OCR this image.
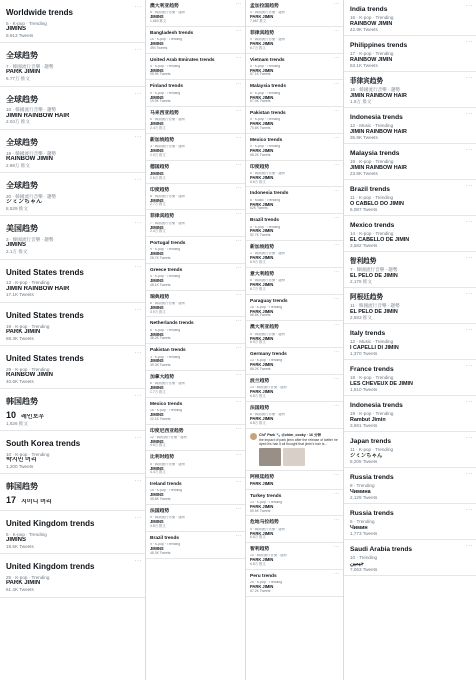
Worldwide trends
5 · K-pop · Trending
JIMINS
9,913 Tweets
···
全球趋势
7 · 韓國流行音樂 · 趨勢
PARK JIMIN
6.77万 推文
···
全球趋势
10 · 韓國流行音樂 · 趨勢
JIMIN RAINBOW HAIR
2.04万 推文
···
全球趋势
18 · 韓國流行音樂 · 趨勢
RAINBOW JIMIN
2.88万 推文
···
全球趋势
20 · 韓國流行音樂 · 趨勢
ジミンちゃん
8,529 推文
···
美国趋势
3 · 韓國流行音樂 · 趨勢
JIMINS
2.1万 推文
···
United States trends
13 · K-pop · Trending
JIMIN RAINBOW HAIR
17.1K Tweets
···
United States trends
19 · K-pop · Trending
PARK JIMIN
68.3K Tweets
···
United States trends
29 · K-pop · Trending
RAINBOW JIMIN
40.6K Tweets
···
韩国趋势
10 레인보우
1,626 推文
···
South Korea trends
10 · K-pop · Trending
박지민 머리
1,200 Tweets
···
韩国趋势
17 지미니 머리
···
United Kingdom trends
5 · K-pop · Trending
JIMINS
19.5K Tweets
···
United Kingdom trends
25 · K-pop · Trending
PARK JIMIN
61.4K Tweets
···
澳大利亚趋势
6 · 韓國流行音樂 · 趨勢
JIMINS
1,663 推文
···
Bangladesh trends
15 · K-pop · Trending
JIMINS
494 Tweets
···
United Arab Emirates trends
5 · K-pop · Trending
JIMINS
95.9K Tweets
···
Finland trends
9 · K-pop · Trending
JIMINS
19.9K Tweets
···
马来西亚趋势
6 · 韓國流行音樂 · 趨勢
JIMINS
2.4万 推文
···
新加坡趋势
3 · 韓國流行音樂 · 趨勢
JIMINS
2.0万 推文
···
德国趋势
JIMINS
2.5万 推文
···
印度趋势
8 · 韓國流行音樂 · 趨勢
JIMINS
2.7万 推文
···
菲律宾趋势
7 · 韓國流行音樂 · 趨勢
JIMINS
2.4万 推文
···
Portugal trends
9 · K-pop · Trending
JIMINS
28.7K Tweets
···
Greece trends
4 · K-pop · Trending
JIMINS
48.1K Tweets
···
瑞典趋势
6 · 韓國流行音樂 · 趨勢
JIMINS
3.9万 推文
···
Netherlands trends
8 · K-pop · Trending
JIMINS
38.2K Tweets
···
Pakistan trends
3 · K-pop · Trending
JIMINS
39.3K Tweets
···
加拿大趋势
6 · 韓國流行音樂 · 趨勢
JIMINS
1.7万 推文
···
Mexico trends
16 · K-pop · Trending
JIMINS
22.1K Tweets
···
印度尼西亚趋势
12 · 韓國流行音樂 · 趨勢
JIMINS
4.6万 推文
···
比利时趋势
5 · 韓國流行音樂 · 趨勢
JIMINS
4.4万 推文
···
Ireland trends
15 · K-pop · Trending
JIMINS
35.8K Tweets
···
法国趋势
9 · 韓國流行音樂 · 趨勢
JIMINS
4.8万 推文
···
Brazil trends
9 · K-pop · Trending
JIMINS
48.3K Tweets
···
孟加拉国趋势
3 · 韓國流行音樂 · 趨勢
PARK JIMIN
7,667 推文
···
菲律宾趋势
9 · 韓國流行音樂 · 趨勢
PARK JIMIN
6.7万 推文
···
Vietnam trends
5 · K-pop · Trending
PARK JIMIN
67.1K Tweets
···
Malaysia trends
8 · K-pop · Trending
PARK JIMIN
67.4K Tweets
···
Pakistan trends
5 · K-pop · Trending
PARK JIMIN
70.6K Tweets
···
Mexico trends
9 · K-pop · Trending
PARK JIMIN
68.2K Tweets
···
印度趋势
6 · 韓國流行音樂 · 趨勢
PARK JIMIN
6.6万 推文
···
Indonesia trends
8 · Music · Trending
PARK JIMIN
62K Tweets
···
Brazil trends
5 · K-pop · Trending
PARK JIMIN
92.7K Tweets
···
新加坡趋势
1 · 韓國流行音樂 · 趨勢
PARK JIMIN
6.9万 推文
···
意大利趋势
6 · 韓國流行音樂 · 趨勢
PARK JIMIN
6.7万 推文
···
Paraguay trends
18 · K-pop · Trending
PARK JIMIN
68.6K Tweets
···
澳大利亚趋势
5 · 韓國流行音樂 · 趨勢
PARK JIMIN
6.9万 推文
···
Germany trends
13 · K-pop · Trending
PARK JIMIN
68.2K Tweets
···
波兰趋势
13 · 韓國流行音樂 · 趨勢
PARK JIMIN
6.8万 推文
···
法国趋势
8 · 韓國流行音樂 · 趨勢
PARK JIMIN
6.8万 推文
···
Chi° Park 🐾 @chim_cooky · 16 分钟
the impact of park jimin after the release of twitter he dyed his hair it all thought that jimin's hair is...
阿根廷趋势
PARK JIMIN
···
Turkey trends
13 · K-pop · Trending
PARK JIMIN
69.5K Tweets
···
危地马拉趋势
9 · 韓國流行音樂 · 趨勢
PARK JIMIN
6.8万 推文
···
智利趋势
10 · 韓國流行音樂 · 趨勢
PARK JIMIN
6.8万 推文
···
Peru trends
25 · K-pop · Trending
PARK JIMIN
67.2K Tweets
···
India trends
16 · K-pop · Trending
RAINBOW JIMIN
42.8K Tweets
···
Philippines trends
17 · K-pop · Trending
RAINBOW JIMIN
53.1K Tweets
···
菲律宾趋势
15 · 韓國流行音樂 · 趨勢
JIMIN RAINBOW HAIR
1.9万 推文
···
Indonesia trends
12 · Music · Trending
JIMIN RAINBOW HAIR
35.9K Tweets
···
Malaysia trends
19 · K-pop · Trending
JIMIN RAINBOW HAIR
23.9K Tweets
···
Brazil trends
11 · K-pop · Trending
O CABELO DO JIMIN
6,087 Tweets
···
Mexico trends
14 · K-pop · Trending
EL CABELLO DE JIMIN
3,582 Tweets
···
智利趋势
7 · 韓國流行音樂 · 趨勢
EL PELO DE JIMIN
2,176 推文
···
阿根廷趋势
11 · 韓國流行音樂 · 趨勢
EL PELO DE JIMIN
2,583 推文
···
Italy trends
12 · Music · Trending
I CAPELLI DI JIMIN
1,370 Tweets
···
France trends
18 · K-pop · Trending
LES CHEVEUX DE JIMIN
1,510 Tweets
···
Indonesia trends
19 · K-pop · Trending
Rambut Jimin
3,691 Tweets
···
Japan trends
11 · K-pop · Trending
ジミンちゃん
8,205 Tweets
···
Russia trends
8 · Trending
Чимина
2,129 Tweets
···
Russia trends
6 · Trending
Чимин
1,773 Tweets
···
Saudi Arabia trends
10 · Trending
جيمين
7,063 Tweets
···
